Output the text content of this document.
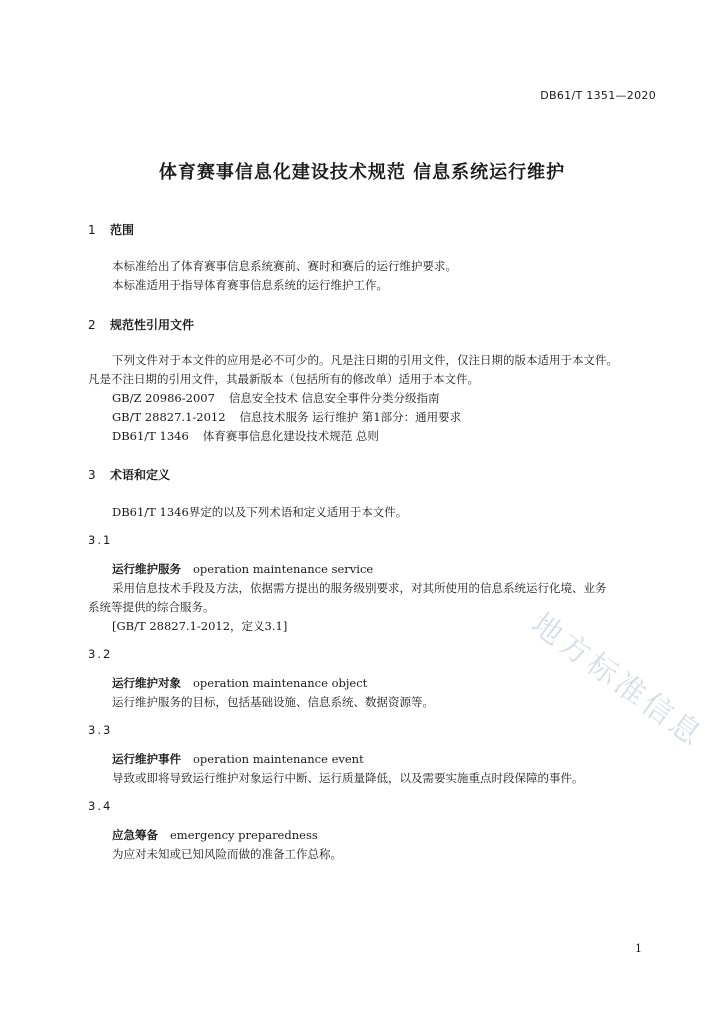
DB61/T 1351—2020
体育赛事信息化建设技术规范 信息系统运行维护
1 范围
本标准给出了体育赛事信息系统赛前、赛时和赛后的运行维护要求。
本标准适用于指导体育赛事信息系统的运行维护工作。
2 规范性引用文件
下列文件对于本文件的应用是必不可少的。凡是注日期的引用文件，仅注日期的版本适用于本文件。
凡是不注日期的引用文件，其最新版本（包括所有的修改单）适用于本文件。
GB/Z 20986-2007 信息安全技术 信息安全事件分类分级指南
GB/T 28827.1-2012 信息技术服务 运行维护 第1部分：通用要求
DB61/T 1346 体育赛事信息化建设技术规范 总则
3 术语和定义
DB61/T 1346界定的以及下列术语和定义适用于本文件。
3.1
运行维护服务 operation maintenance service
采用信息技术手段及方法，依据需方提出的服务级别要求，对其所使用的信息系统运行化境、业务
系统等提供的综合服务。
[GB/T 28827.1-2012，定义3.1]
3.2
运行维护对象 operation maintenance object
运行维护服务的目标，包括基础设施、信息系统、数据资源等。
3.3
运行维护事件 operation maintenance event
导致或即将导致运行维护对象运行中断、运行质量降低，以及需要实施重点时段保障的事件。
3.4
应急筹备 emergency preparedness
为应对未知或已知风险而做的准备工作总称。
地方标准信息
1
